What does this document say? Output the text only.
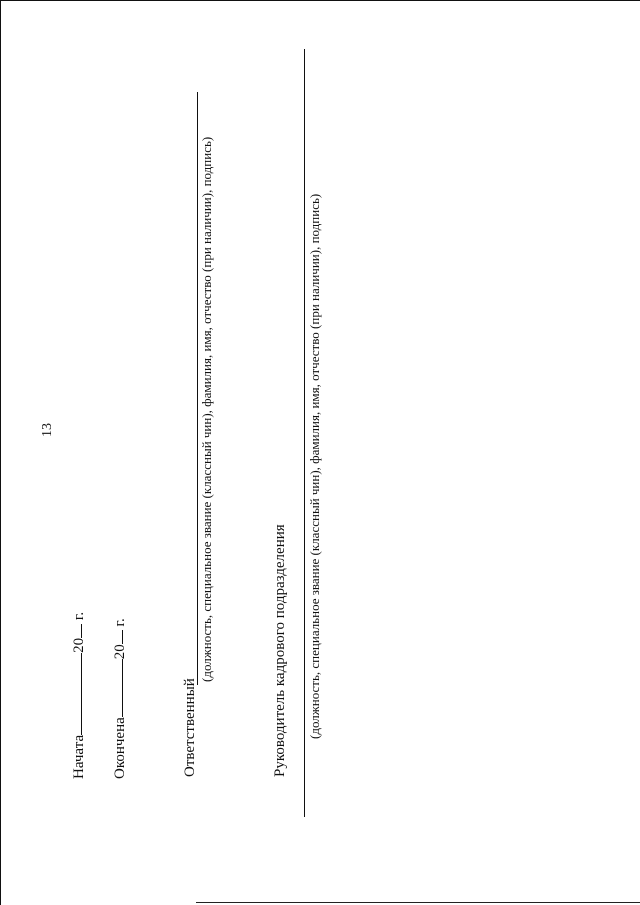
13
Начата20 г.
Окончена20 г.
Ответственный
(должность, специальное звание (классный чин), фамилия, имя, отчество (при наличии), подпись)	Руководитель кадрового подразделения (должность, специальное звание (классный чин), фамилия, имя, отчество (при наличии), подпись)
